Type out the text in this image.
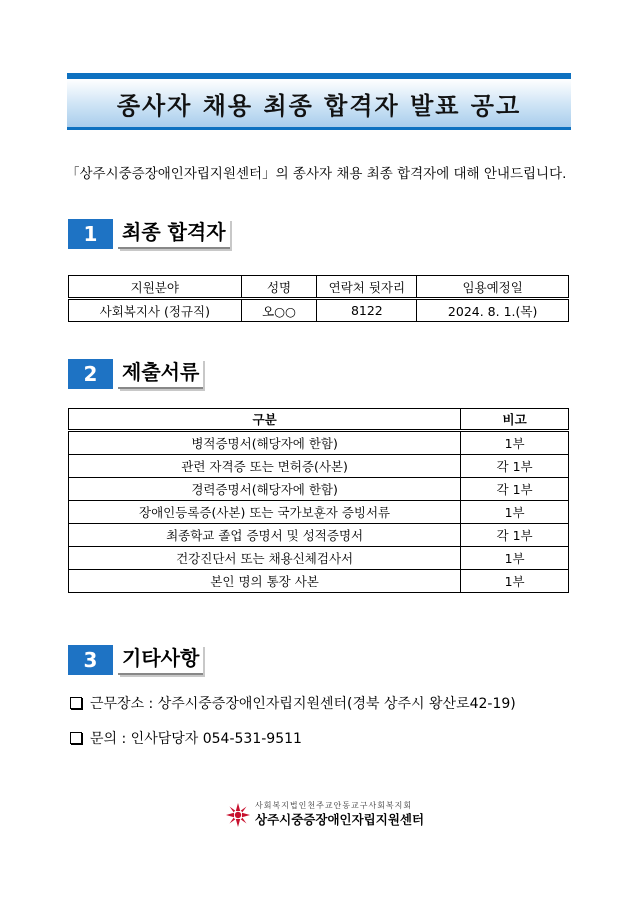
종사자 채용 최종 합격자 발표 공고
「상주시중증장애인자립지원센터」의 종사자 채용 최종 합격자에 대해 안내드립니다.
1	최종 합격자
지원분야	성명	연락처 뒷자리	임용예정일
사회복지사 (정규직)	오○○	8122	2024. 8. 1.(목)
2	제출서류
구분	비고
병적증명서(해당자에 한함)	1부
관련 자격증 또는 면허증(사본)	각 1부
경력증명서(해당자에 한함)	각 1부
장애인등록증(사본) 또는 국가보훈자 증빙서류	1부
최종학교 졸업 증명서 및 성적증명서	각 1부
건강진단서 또는 채용신체검사서	1부
본인 명의 통장 사본	1부
3	기타사항
근무장소 : 상주시중증장애인자립지원센터(경북 상주시 왕산로42-19)
문의 : 인사담당자 054-531-9511
사회복지법인천주교안동교구사회복지회
상주시중증장애인자립지원센터
